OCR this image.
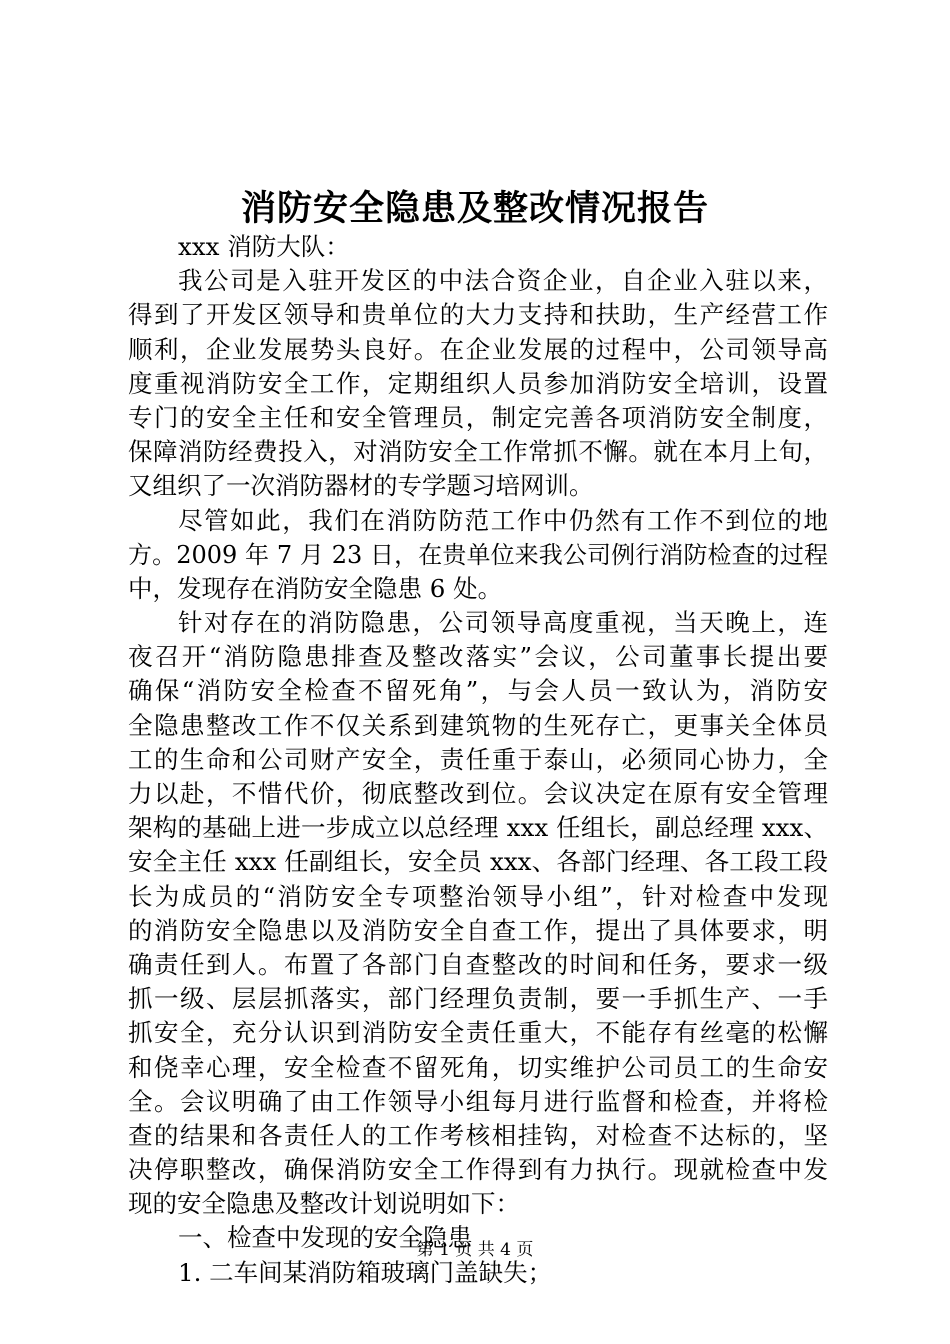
消防安全隐患及整改情况报告
xxx 消防大队：
我公司是入驻开发区的中法合资企业，自企业入驻以来，
得到了开发区领导和贵单位的大力支持和扶助，生产经营工作
顺利，企业发展势头良好。在企业发展的过程中，公司领导高
度重视消防安全工作，定期组织人员参加消防安全培训，设置
专门的安全主任和安全管理员，制定完善各项消防安全制度，
保障消防经费投入，对消防安全工作常抓不懈。就在本月上旬，
又组织了一次消防器材的专学题习培网训。
尽管如此，我们在消防防范工作中仍然有工作不到位的地
方。2009 年 7 月 23 日，在贵单位来我公司例行消防检查的过程
中，发现存在消防安全隐患 6 处。
针对存在的消防隐患，公司领导高度重视，当天晚上，连
夜召开“消防隐患排查及整改落实”会议，公司董事长提出要
确保“消防安全检查不留死角”，与会人员一致认为，消防安
全隐患整改工作不仅关系到建筑物的生死存亡，更事关全体员
工的生命和公司财产安全，责任重于泰山，必须同心协力，全
力以赴，不惜代价，彻底整改到位。会议决定在原有安全管理
架构的基础上进一步成立以总经理 xxx 任组长，副总经理 xxx、
安全主任 xxx 任副组长，安全员 xxx、各部门经理、各工段工段
长为成员的“消防安全专项整治领导小组”，针对检查中发现
的消防安全隐患以及消防安全自查工作，提出了具体要求，明
确责任到人。布置了各部门自查整改的时间和任务，要求一级
抓一级、层层抓落实，部门经理负责制，要一手抓生产、一手
抓安全，充分认识到消防安全责任重大，不能存有丝毫的松懈
和侥幸心理，安全检查不留死角，切实维护公司员工的生命安
全。会议明确了由工作领导小组每月进行监督和检查，并将检
查的结果和各责任人的工作考核相挂钩，对检查不达标的，坚
决停职整改，确保消防安全工作得到有力执行。现就检查中发
现的安全隐患及整改计划说明如下：
一、检查中发现的安全隐患
1. 二车间某消防箱玻璃门盖缺失；
第 1 页 共 4 页
